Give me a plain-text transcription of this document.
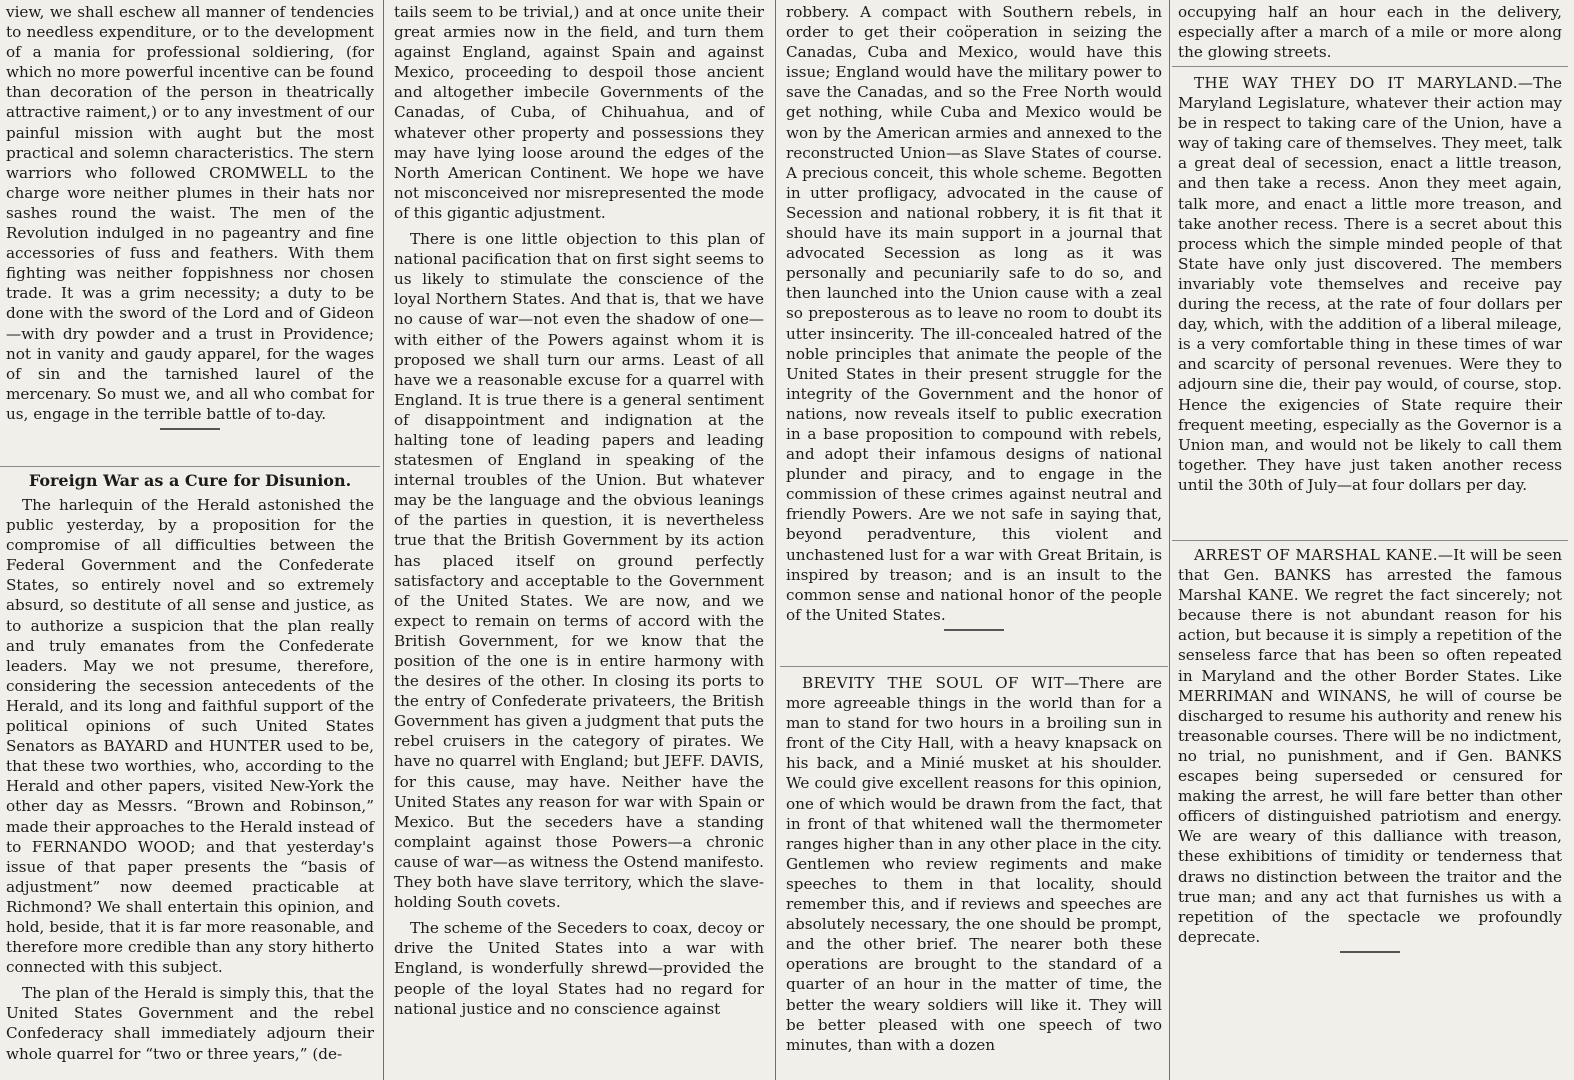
view, we shall eschew all manner of tendencies to needless expenditure, or to the development of a mania for professional soldiering, (for which no more powerful incentive can be found than decoration of the person in theatrically attractive raiment,) or to any investment of our painful mission with aught but the most practical and solemn characteristics. The stern warriors who followed CROMWELL to the charge wore neither plumes in their hats nor sashes round the waist. The men of the Revolution indulged in no pageantry and fine accessories of fuss and feathers. With them fighting was neither foppishness nor chosen trade. It was a grim necessity; a duty to be done with the sword of the Lord and of Gideon—with dry powder and a trust in Providence; not in vanity and gaudy apparel, for the wages of sin and the tarnished laurel of the mercenary. So must we, and all who combat for us, engage in the terrible battle of to-day.

Foreign War as a Cure for Disunion.

The harlequin of the Herald astonished the public yesterday, by a proposition for the compromise of all difficulties between the Federal Government and the Confederate States, so entirely novel and so extremely absurd, so destitute of all sense and justice, as to authorize a suspicion that the plan really and truly emanates from the Confederate leaders. May we not presume, therefore, considering the secession antecedents of the Herald, and its long and faithful support of the political opinions of such United States Senators as BAYARD and HUNTER used to be, that these two worthies, who, according to the Herald and other papers, visited New-York the other day as Messrs. “Brown and Robinson,” made their approaches to the Herald instead of to FERNANDO WOOD; and that yesterday's issue of that paper presents the “basis of adjustment” now deemed practicable at Richmond? We shall entertain this opinion, and hold, beside, that it is far more reasonable, and therefore more credible than any story hitherto connected with this subject.

The plan of the Herald is simply this, that the United States Government and the rebel Confederacy shall immediately adjourn their whole quarrel for “two or three years,” (de-

tails seem to be trivial,) and at once unite their great armies now in the field, and turn them against England, against Spain and against Mexico, proceeding to despoil those ancient and altogether imbecile Governments of the Canadas, of Cuba, of Chihuahua, and of whatever other property and possessions they may have lying loose around the edges of the North American Continent. We hope we have not misconceived nor misrepresented the mode of this gigantic adjustment.

There is one little objection to this plan of national pacification that on first sight seems to us likely to stimulate the conscience of the loyal Northern States. And that is, that we have no cause of war—not even the shadow of one—with either of the Powers against whom it is proposed we shall turn our arms. Least of all have we a reasonable excuse for a quarrel with England. It is true there is a general sentiment of disappointment and indignation at the halting tone of leading papers and leading statesmen of England in speaking of the internal troubles of the Union. But whatever may be the language and the obvious leanings of the parties in question, it is nevertheless true that the British Government by its action has placed itself on ground perfectly satisfactory and acceptable to the Government of the United States. We are now, and we expect to remain on terms of accord with the British Government, for we know that the position of the one is in entire harmony with the desires of the other. In closing its ports to the entry of Confederate privateers, the British Government has given a judgment that puts the rebel cruisers in the category of pirates. We have no quarrel with England; but JEFF. DAVIS, for this cause, may have. Neither have the United States any reason for war with Spain or Mexico. But the seceders have a standing complaint against those Powers—a chronic cause of war—as witness the Ostend manifesto. They both have slave territory, which the slave-holding South covets.

The scheme of the Seceders to coax, decoy or drive the United States into a war with England, is wonderfully shrewd—provided the people of the loyal States had no regard for national justice and no conscience against

robbery. A compact with Southern rebels, in order to get their coöperation in seizing the Canadas, Cuba and Mexico, would have this issue; England would have the military power to save the Canadas, and so the Free North would get nothing, while Cuba and Mexico would be won by the American armies and annexed to the reconstructed Union—as Slave States of course. A precious conceit, this whole scheme. Begotten in utter profligacy, advocated in the cause of Secession and national robbery, it is fit that it should have its main support in a journal that advocated Secession as long as it was personally and pecuniarily safe to do so, and then launched into the Union cause with a zeal so preposterous as to leave no room to doubt its utter insincerity. The ill-concealed hatred of the noble principles that animate the people of the United States in their present struggle for the integrity of the Government and the honor of nations, now reveals itself to public execration in a base proposition to compound with rebels, and adopt their infamous designs of national plunder and piracy, and to engage in the commission of these crimes against neutral and friendly Powers. Are we not safe in saying that, beyond peradventure, this violent and unchastened lust for a war with Great Britain, is inspired by treason; and is an insult to the common sense and national honor of the people of the United States.

BREVITY THE SOUL OF WIT—There are more agreeable things in the world than for a man to stand for two hours in a broiling sun in front of the City Hall, with a heavy knapsack on his back, and a Minié musket at his shoulder. We could give excellent reasons for this opinion, one of which would be drawn from the fact, that in front of that whitened wall the thermometer ranges higher than in any other place in the city. Gentlemen who review regiments and make speeches to them in that locality, should remember this, and if reviews and speeches are absolutely necessary, the one should be prompt, and the other brief. The nearer both these operations are brought to the standard of a quarter of an hour in the matter of time, the better the weary soldiers will like it. They will be better pleased with one speech of two minutes, than with a dozen

occupying half an hour each in the delivery, especially after a march of a mile or more along the glowing streets.

THE WAY THEY DO IT MARYLAND.—The Maryland Legislature, whatever their action may be in respect to taking care of the Union, have a way of taking care of themselves. They meet, talk a great deal of secession, enact a little treason, and then take a recess. Anon they meet again, talk more, and enact a little more treason, and take another recess. There is a secret about this process which the simple minded people of that State have only just discovered. The members invariably vote themselves and receive pay during the recess, at the rate of four dollars per day, which, with the addition of a liberal mileage, is a very comfortable thing in these times of war and scarcity of personal revenues. Were they to adjourn sine die, their pay would, of course, stop. Hence the exigencies of State require their frequent meeting, especially as the Governor is a Union man, and would not be likely to call them together. They have just taken another recess until the 30th of July—at four dollars per day.

ARREST OF MARSHAL KANE.—It will be seen that Gen. BANKS has arrested the famous Marshal KANE. We regret the fact sincerely; not because there is not abundant reason for his action, but because it is simply a repetition of the senseless farce that has been so often repeated in Maryland and the other Border States. Like MERRIMAN and WINANS, he will of course be discharged to resume his authority and renew his treasonable courses. There will be no indictment, no trial, no punishment, and if Gen. BANKS escapes being superseded or censured for making the arrest, he will fare better than other officers of distinguished patriotism and energy. We are weary of this dalliance with treason, these exhibitions of timidity or tenderness that draws no distinction between the traitor and the true man; and any act that furnishes us with a repetition of the spectacle we profoundly deprecate.
